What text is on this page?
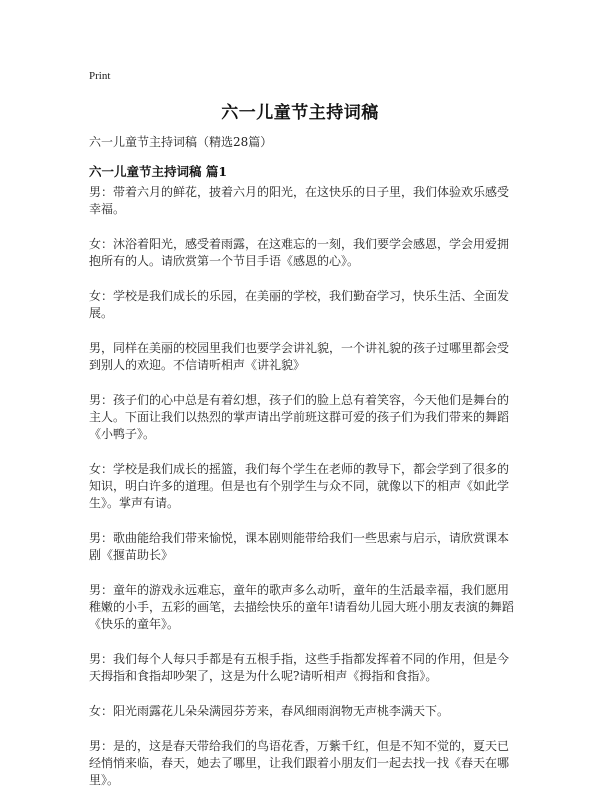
Print
六一儿童节主持词稿
六一儿童节主持词稿（精选28篇）
六一儿童节主持词稿 篇1

男：带着六月的鲜花，披着六月的阳光，在这快乐的日子里，我们体验欢乐感受幸福。

女：沐浴着阳光，感受着雨露，在这难忘的一刻，我们要学会感恩，学会用爱拥抱所有的人。请欣赏第一个节目手语《感恩的心》。

女：学校是我们成长的乐园，在美丽的学校，我们勤奋学习，快乐生活、全面发展。

男，同样在美丽的校园里我们也要学会讲礼貌，一个讲礼貌的孩子过哪里都会受到别人的欢迎。不信请听相声《讲礼貌》

男：孩子们的心中总是有着幻想，孩子们的脸上总有着笑容，今天他们是舞台的主人。下面让我们以热烈的掌声请出学前班这群可爱的孩子们为我们带来的舞蹈《小鸭子》。

女：学校是我们成长的摇篮，我们每个学生在老师的教导下，都会学到了很多的知识，明白许多的道理。但是也有个别学生与众不同，就像以下的相声《如此学生》。掌声有请。

男：歌曲能给我们带来愉悦，课本剧则能带给我们一些思索与启示，请欣赏课本剧《揠苗助长》

男：童年的游戏永远难忘，童年的歌声多么动听，童年的生活最幸福，我们愿用稚嫩的小手，五彩的画笔，去描绘快乐的童年!请看幼儿园大班小朋友表演的舞蹈《快乐的童年》。

男：我们每个人每只手都是有五根手指，这些手指都发挥着不同的作用，但是今天拇指和食指却吵架了，这是为什么呢?请听相声《拇指和食指》。

女：阳光雨露花儿朵朵满园芬芳来，春风细雨润物无声桃李满天下。

男：是的，这是春天带给我们的鸟语花香，万紫千红，但是不知不觉的，夏天已经悄悄来临，春天，她去了哪里，让我们跟着小朋友们一起去找一找《春天在哪里》。
